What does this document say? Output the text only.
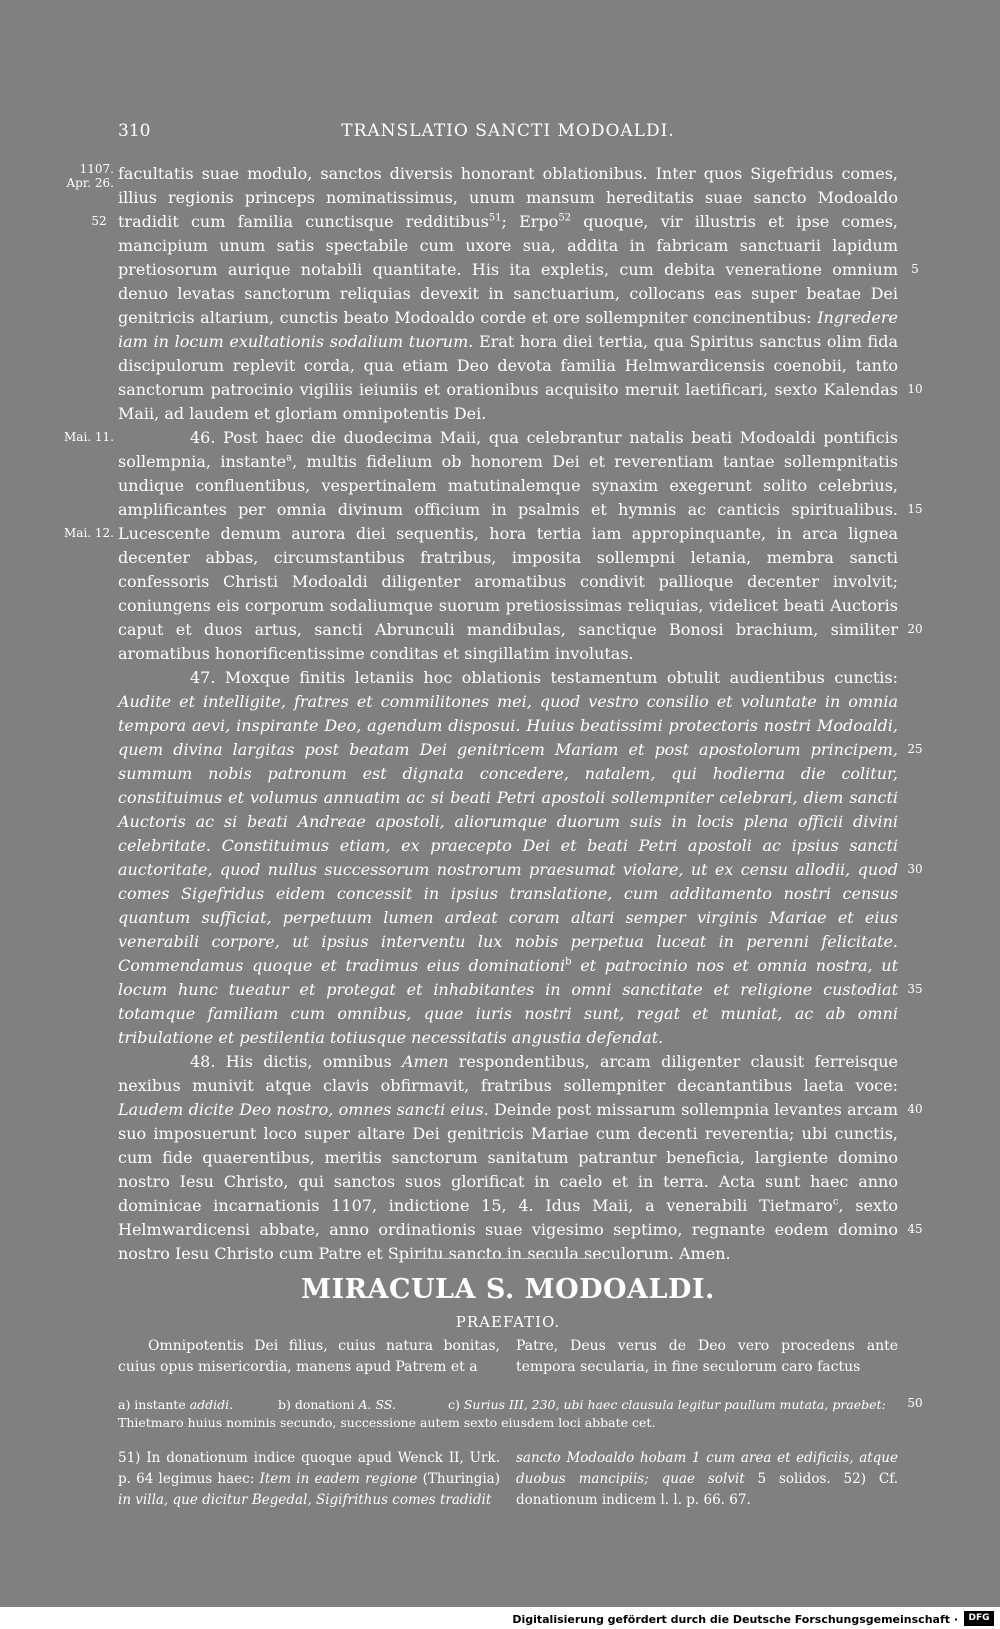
310	TRANSLATIO SANCTI MODOALDI.
1107.
Apr. 26.
Mai. 11.
Mai. 12.
52
5
10
15
20
25
30
35
40
45
50

facultatis suae modulo, sanctos diversis honorant oblationibus. Inter quos Sigefridus comes, illius regionis princeps nominatissimus, unum mansum hereditatis suae sancto Modoaldo tradidit cum familia cunctisque redditibus$^{51}$; Erpo$^{52}$ quoque, vir illustris et ipse comes, mancipium unum satis spectabile cum uxore sua, addita in fabricam sanctuarii lapidum pretiosorum aurique notabili quantitate. His ita expletis, cum debita veneratione omnium denuo levatas sanctorum reliquias devexit in sanctuarium, collocans eas super beatae Dei genitricis altarium, cunctis beato Modoaldo corde et ore sollempniter concinentibus: Ingredere iam in locum exultationis sodalium tuorum. Erat hora diei tertia, qua Spiritus sanctus olim fida discipulorum replevit corda, qua etiam Deo devota familia Helmwardicensis coenobii, tanto sanctorum patrocinio vigiliis ieiuniis et orationibus acquisito meruit laetificari, sexto Kalendas Maii, ad laudem et gloriam omnipotentis Dei.

46. Post haec die duodecima Maii, qua celebrantur natalis beati Modoaldi pontificis sollempnia, instante$^a$, multis fidelium ob honorem Dei et reverentiam tantae sollempnitatis undique confluentibus, vespertinalem matutinalemque synaxim exegerunt solito celebrius, amplificantes per omnia divinum officium in psalmis et hymnis ac canticis spiritualibus. Lucescente demum aurora diei sequentis, hora tertia iam appropinquante, in arca lignea decenter abbas, circumstantibus fratribus, imposita sollempni letania, membra sancti confessoris Christi Modoaldi diligenter aromatibus condivit pallioque decenter involvit; coniungens eis corporum sodaliumque suorum pretiosissimas reliquias, videlicet beati Auctoris caput et duos artus, sancti Abrunculi mandibulas, sanctique Bonosi brachium, similiter aromatibus honorificentissime conditas et singillatim involutas.

47. Moxque finitis letaniis hoc oblationis testamentum obtulit audientibus cunctis: Audite et intelligite, fratres et commilitones mei, quod vestro consilio et voluntate in omnia tempora aevi, inspirante Deo, agendum disposui. Huius beatissimi protectoris nostri Modoaldi, quem divina largitas post beatam Dei genitricem Mariam et post apostolorum principem, summum nobis patronum est dignata concedere, natalem, qui hodierna die colitur, constituimus et volumus annuatim ac si beati Petri apostoli sollempniter celebrari, diem sancti Auctoris ac si beati Andreae apostoli, aliorumque duorum suis in locis plena officii divini celebritate. Constituimus etiam, ex praecepto Dei et beati Petri apostoli ac ipsius sancti auctoritate, quod nullus successorum nostrorum praesumat violare, ut ex censu allodii, quod comes Sigefridus eidem concessit in ipsius translatione, cum additamento nostri census quantum sufficiat, perpetuum lumen ardeat coram altari semper virginis Mariae et eius venerabili corpore, ut ipsius interventu lux nobis perpetua luceat in perenni felicitate. Commendamus quoque et tradimus eius dominationi$^b$ et patrocinio nos et omnia nostra, ut locum hunc tueatur et protegat et inhabitantes in omni sanctitate et religione custodiat totamque familiam cum omnibus, quae iuris nostri sunt, regat et muniat, ac ab omni tribulatione et pestilentia totiusque necessitatis angustia defendat.

48. His dictis, omnibus Amen respondentibus, arcam diligenter clausit ferreisque nexibus munivit atque clavis obfirmavit, fratribus sollempniter decantantibus laeta voce: Laudem dicite Deo nostro, omnes sancti eius. Deinde post missarum sollempnia levantes arcam suo imposuerunt loco super altare Dei genitricis Mariae cum decenti reverentia; ubi cunctis, cum fide quaerentibus, meritis sanctorum sanitatum patrantur beneficia, largiente domino nostro Iesu Christo, qui sanctos suos glorificat in caelo et in terra. Acta sunt haec anno dominicae incarnationis 1107, indictione 15, 4. Idus Maii, a venerabili Tietmaro$^c$, sexto Helmwardicensi abbate, anno ordinationis suae vigesimo septimo, regnante eodem domino nostro Iesu Christo cum Patre et Spiritu sancto in secula seculorum. Amen.

MIRACULA S. MODOALDI.
PRAEFATIO.

Omnipotentis Dei filius, cuius natura bonitas, cuius opus misericordia, manens apud Patrem et a

Patre, Deus verus de Deo vero procedens ante tempora secularia, in fine seculorum caro factus

a) instante addidi.	b) donationi A. SS.	c) Surius III, 230, ubi haec clausula legitur paullum mutata, praebet:
Thietmaro huius nominis secundo, successione autem sexto eiusdem loci abbate cet.

51) In donationum indice quoque apud Wenck II, Urk. p. 64 legimus haec: Item in eadem regione (Thuringia) in villa, que dicitur Begedal, Sigifrithus comes tradidit

sancto Modoaldo hobam 1 cum area et edificiis, atque duobus mancipiis; quae solvit 5 solidos. 52) Cf. donationum indicem l. l. p. 66. 67.

Digitalisierung gefördert durch die Deutsche Forschungsgemeinschaft ·	DFG
